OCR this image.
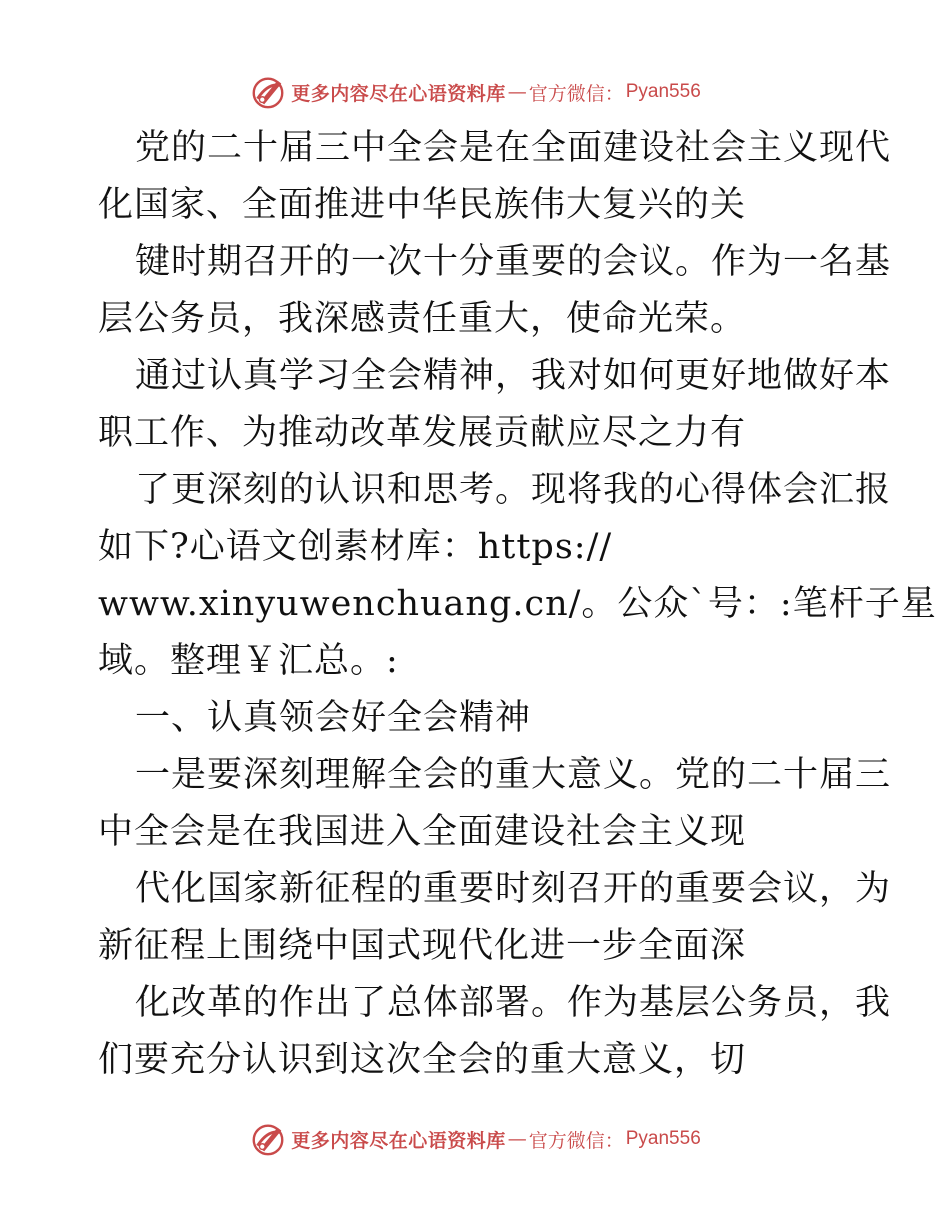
更多内容尽在心语资料库 — 官方微信： Pyan556
党的二十届三中全会是在全面建设社会主义现代
化国家、全面推进中华民族伟大复兴的关
键时期召开的一次十分重要的会议。作为一名基
层公务员，我深感责任重大，使命光荣。
通过认真学习全会精神，我对如何更好地做好本
职工作、为推动改革发展贡献应尽之力有
了更深刻的认识和思考。现将我的心得体会汇报
如下?心语文创素材库：https://
www.xinyuwenchuang.cn/。公众`号：:笔杆子星
域。整理￥汇总。:
一、认真领会好全会精神
一是要深刻理解全会的重大意义。党的二十届三
中全会是在我国进入全面建设社会主义现
代化国家新征程的重要时刻召开的重要会议，为
新征程上围绕中国式现代化进一步全面深
化改革的作出了总体部署。作为基层公务员，我
们要充分认识到这次全会的重大意义，切
更多内容尽在心语资料库 — 官方微信： Pyan556
